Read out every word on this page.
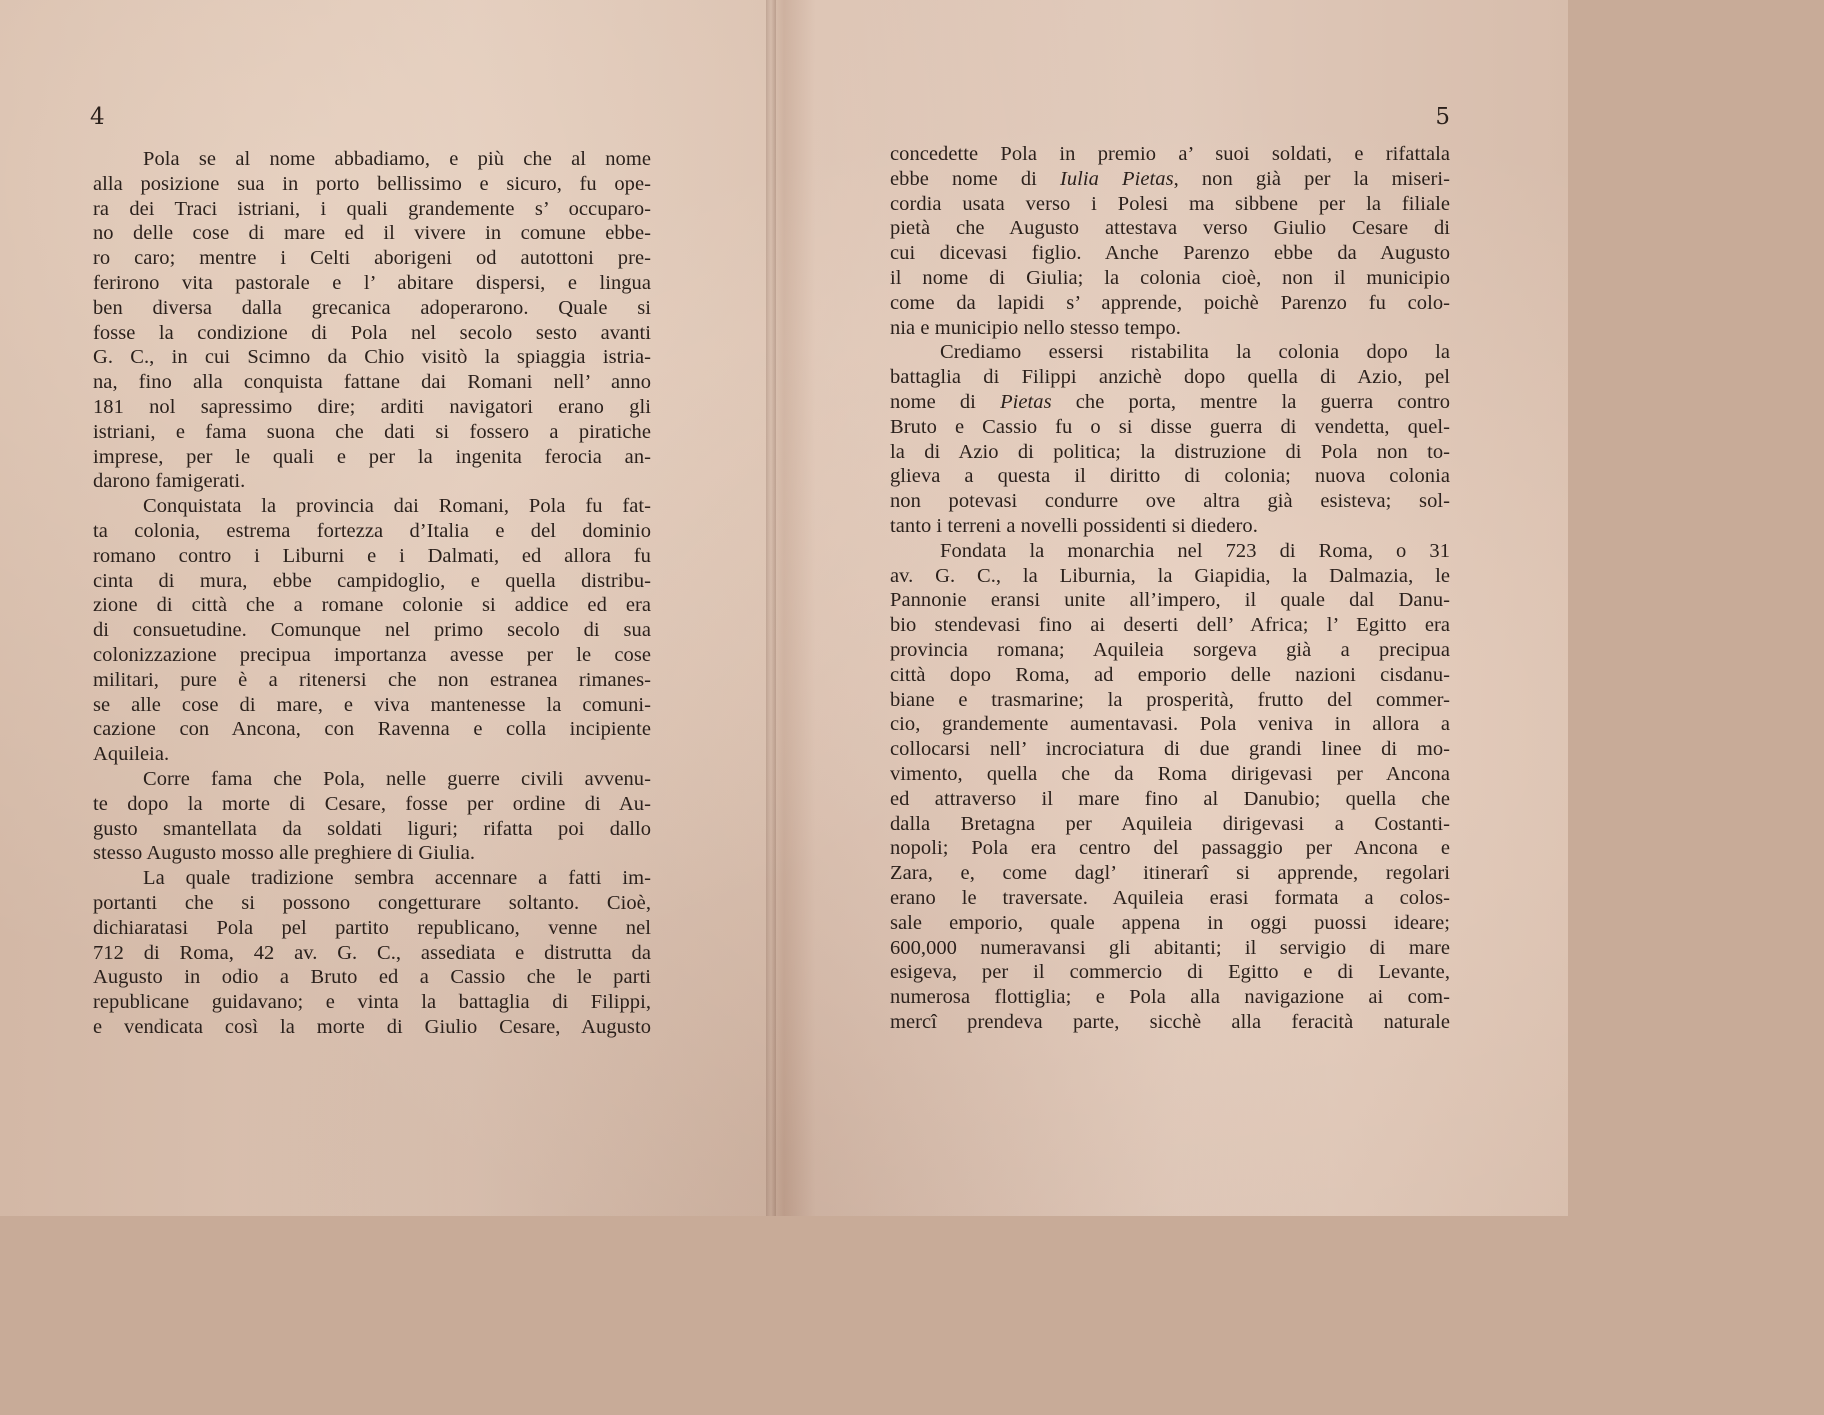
4

Pola se al nome abbadiamo, e più che al nome

alla posizione sua in porto bellissimo e sicuro, fu ope-

ra dei Traci istriani, i quali grandemente s’ occuparo-

no delle cose di mare ed il vivere in comune ebbe-

ro caro; mentre i Celti aborigeni od autottoni pre-

ferirono vita pastorale e l’ abitare dispersi, e lingua

ben diversa dalla grecanica adoperarono. Quale si

fosse la condizione di Pola nel secolo sesto avanti

G. C., in cui Scimno da Chio visitò la spiaggia istria-

na, fino alla conquista fattane dai Romani nell’ anno

181 nol sapressimo dire; arditi navigatori erano gli

istriani, e fama suona che dati si fossero a piratiche

imprese, per le quali e per la ingenita ferocia an-

darono famigerati.

Conquistata la provincia dai Romani, Pola fu fat-

ta colonia, estrema fortezza d’Italia e del dominio

romano contro i Liburni e i Dalmati, ed allora fu

cinta di mura, ebbe campidoglio, e quella distribu-

zione di città che a romane colonie si addice ed era

di consuetudine. Comunque nel primo secolo di sua

colonizzazione precipua importanza avesse per le cose

militari, pure è a ritenersi che non estranea rimanes-

se alle cose di mare, e viva mantenesse la comuni-

cazione con Ancona, con Ravenna e colla incipiente

Aquileia.

Corre fama che Pola, nelle guerre civili avvenu-

te dopo la morte di Cesare, fosse per ordine di Au-

gusto smantellata da soldati liguri; rifatta poi dallo

stesso Augusto mosso alle preghiere di Giulia.

La quale tradizione sembra accennare a fatti im-

portanti che si possono congetturare soltanto. Cioè,

dichiaratasi Pola pel partito republicano, venne nel

712 di Roma, 42 av. G. C., assediata e distrutta da

Augusto in odio a Bruto ed a Cassio che le parti

republicane guidavano; e vinta la battaglia di Filippi,

e vendicata così la morte di Giulio Cesare, Augusto

5

concedette Pola in premio a’ suoi soldati, e rifattala

ebbe nome di Iulia Pietas, non già per la miseri-

cordia usata verso i Polesi ma sibbene per la filiale

pietà che Augusto attestava verso Giulio Cesare di

cui dicevasi figlio. Anche Parenzo ebbe da Augusto

il nome di Giulia; la colonia cioè, non il municipio

come da lapidi s’ apprende, poichè Parenzo fu colo-

nia e municipio nello stesso tempo.

Crediamo essersi ristabilita la colonia dopo la

battaglia di Filippi anzichè dopo quella di Azio, pel

nome di Pietas che porta, mentre la guerra contro

Bruto e Cassio fu o si disse guerra di vendetta, quel-

la di Azio di politica; la distruzione di Pola non to-

glieva a questa il diritto di colonia; nuova colonia

non potevasi condurre ove altra già esisteva; sol-

tanto i terreni a novelli possidenti si diedero.

Fondata la monarchia nel 723 di Roma, o 31

av. G. C., la Liburnia, la Giapidia, la Dalmazia, le

Pannonie eransi unite all’impero, il quale dal Danu-

bio stendevasi fino ai deserti dell’ Africa; l’ Egitto era

provincia romana; Aquileia sorgeva già a precipua

città dopo Roma, ad emporio delle nazioni cisdanu-

biane e trasmarine; la prosperità, frutto del commer-

cio, grandemente aumentavasi. Pola veniva in allora a

collocarsi nell’ incrociatura di due grandi linee di mo-

vimento, quella che da Roma dirigevasi per Ancona

ed attraverso il mare fino al Danubio; quella che

dalla Bretagna per Aquileia dirigevasi a Costanti-

nopoli; Pola era centro del passaggio per Ancona e

Zara, e, come dagl’ itinerarî si apprende, regolari

erano le traversate. Aquileia erasi formata a colos-

sale emporio, quale appena in oggi puossi ideare;

600,000 numeravansi gli abitanti; il servigio di mare

esigeva, per il commercio di Egitto e di Levante,

numerosa flottiglia; e Pola alla navigazione ai com-

mercî prendeva parte, sicchè alla feracità naturale
